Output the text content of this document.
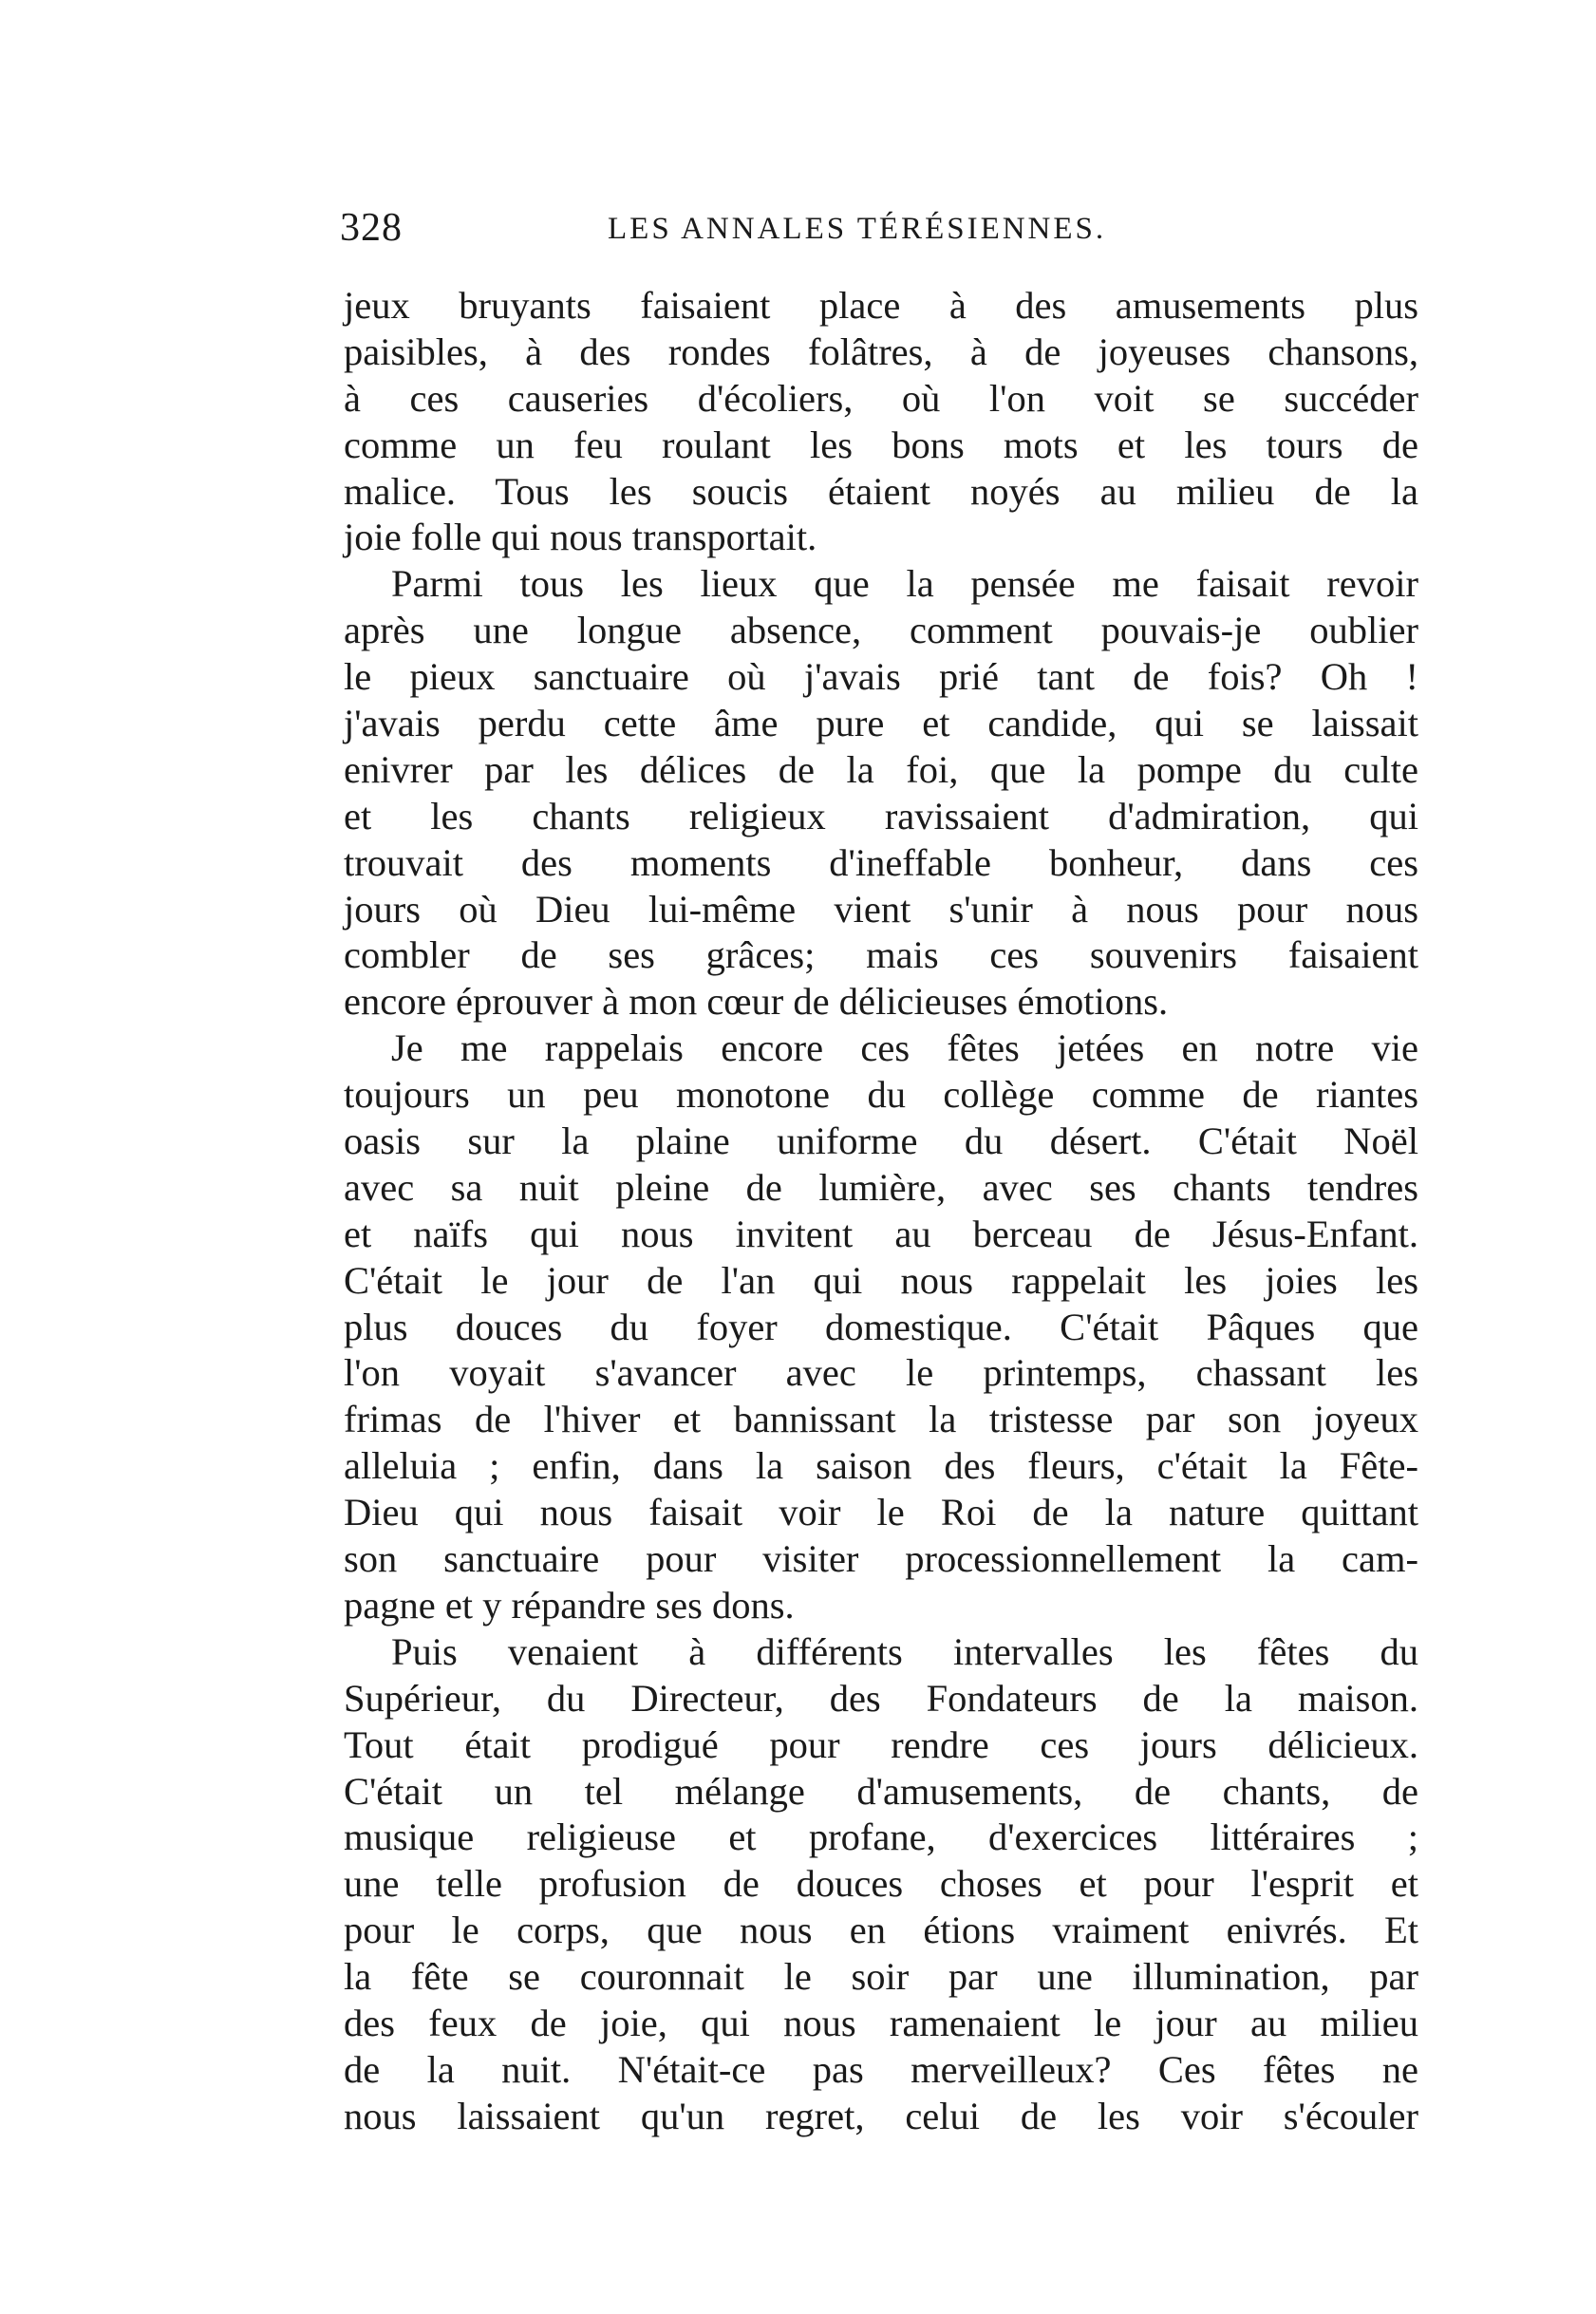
328	LES ANNALES TÉRÉSIENNES.
jeux bruyants faisaient place à des amusements plus
paisibles, à des rondes folâtres, à de joyeuses chansons,
à ces causeries d'écoliers, où l'on voit se succéder
comme un feu roulant les bons mots et les tours de
malice. Tous les soucis étaient noyés au milieu de la
joie folle qui nous transportait.
Parmi tous les lieux que la pensée me faisait revoir
après une longue absence, comment pouvais-je oublier
le pieux sanctuaire où j'avais prié tant de fois? Oh !
j'avais perdu cette âme pure et candide, qui se laissait
enivrer par les délices de la foi, que la pompe du culte
et les chants religieux ravissaient d'admiration, qui
trouvait des moments d'ineffable bonheur, dans ces
jours où Dieu lui-même vient s'unir à nous pour nous
combler de ses grâces; mais ces souvenirs faisaient
encore éprouver à mon cœur de délicieuses émotions.
Je me rappelais encore ces fêtes jetées en notre vie
toujours un peu monotone du collège comme de riantes
oasis sur la plaine uniforme du désert. C'était Noël
avec sa nuit pleine de lumière, avec ses chants tendres
et naïfs qui nous invitent au berceau de Jésus-Enfant.
C'était le jour de l'an qui nous rappelait les joies les
plus douces du foyer domestique. C'était Pâques que
l'on voyait s'avancer avec le printemps, chassant les
frimas de l'hiver et bannissant la tristesse par son joyeux
alleluia ; enfin, dans la saison des fleurs, c'était la Fête-
Dieu qui nous faisait voir le Roi de la nature quittant
son sanctuaire pour visiter processionnellement la cam-
pagne et y répandre ses dons.
Puis venaient à différents intervalles les fêtes du
Supérieur, du Directeur, des Fondateurs de la maison.
Tout était prodigué pour rendre ces jours délicieux.
C'était un tel mélange d'amusements, de chants, de
musique religieuse et profane, d'exercices littéraires ;
une telle profusion de douces choses et pour l'esprit et
pour le corps, que nous en étions vraiment enivrés. Et
la fête se couronnait le soir par une illumination, par
des feux de joie, qui nous ramenaient le jour au milieu
de la nuit. N'était-ce pas merveilleux? Ces fêtes ne
nous laissaient qu'un regret, celui de les voir s'écouler
